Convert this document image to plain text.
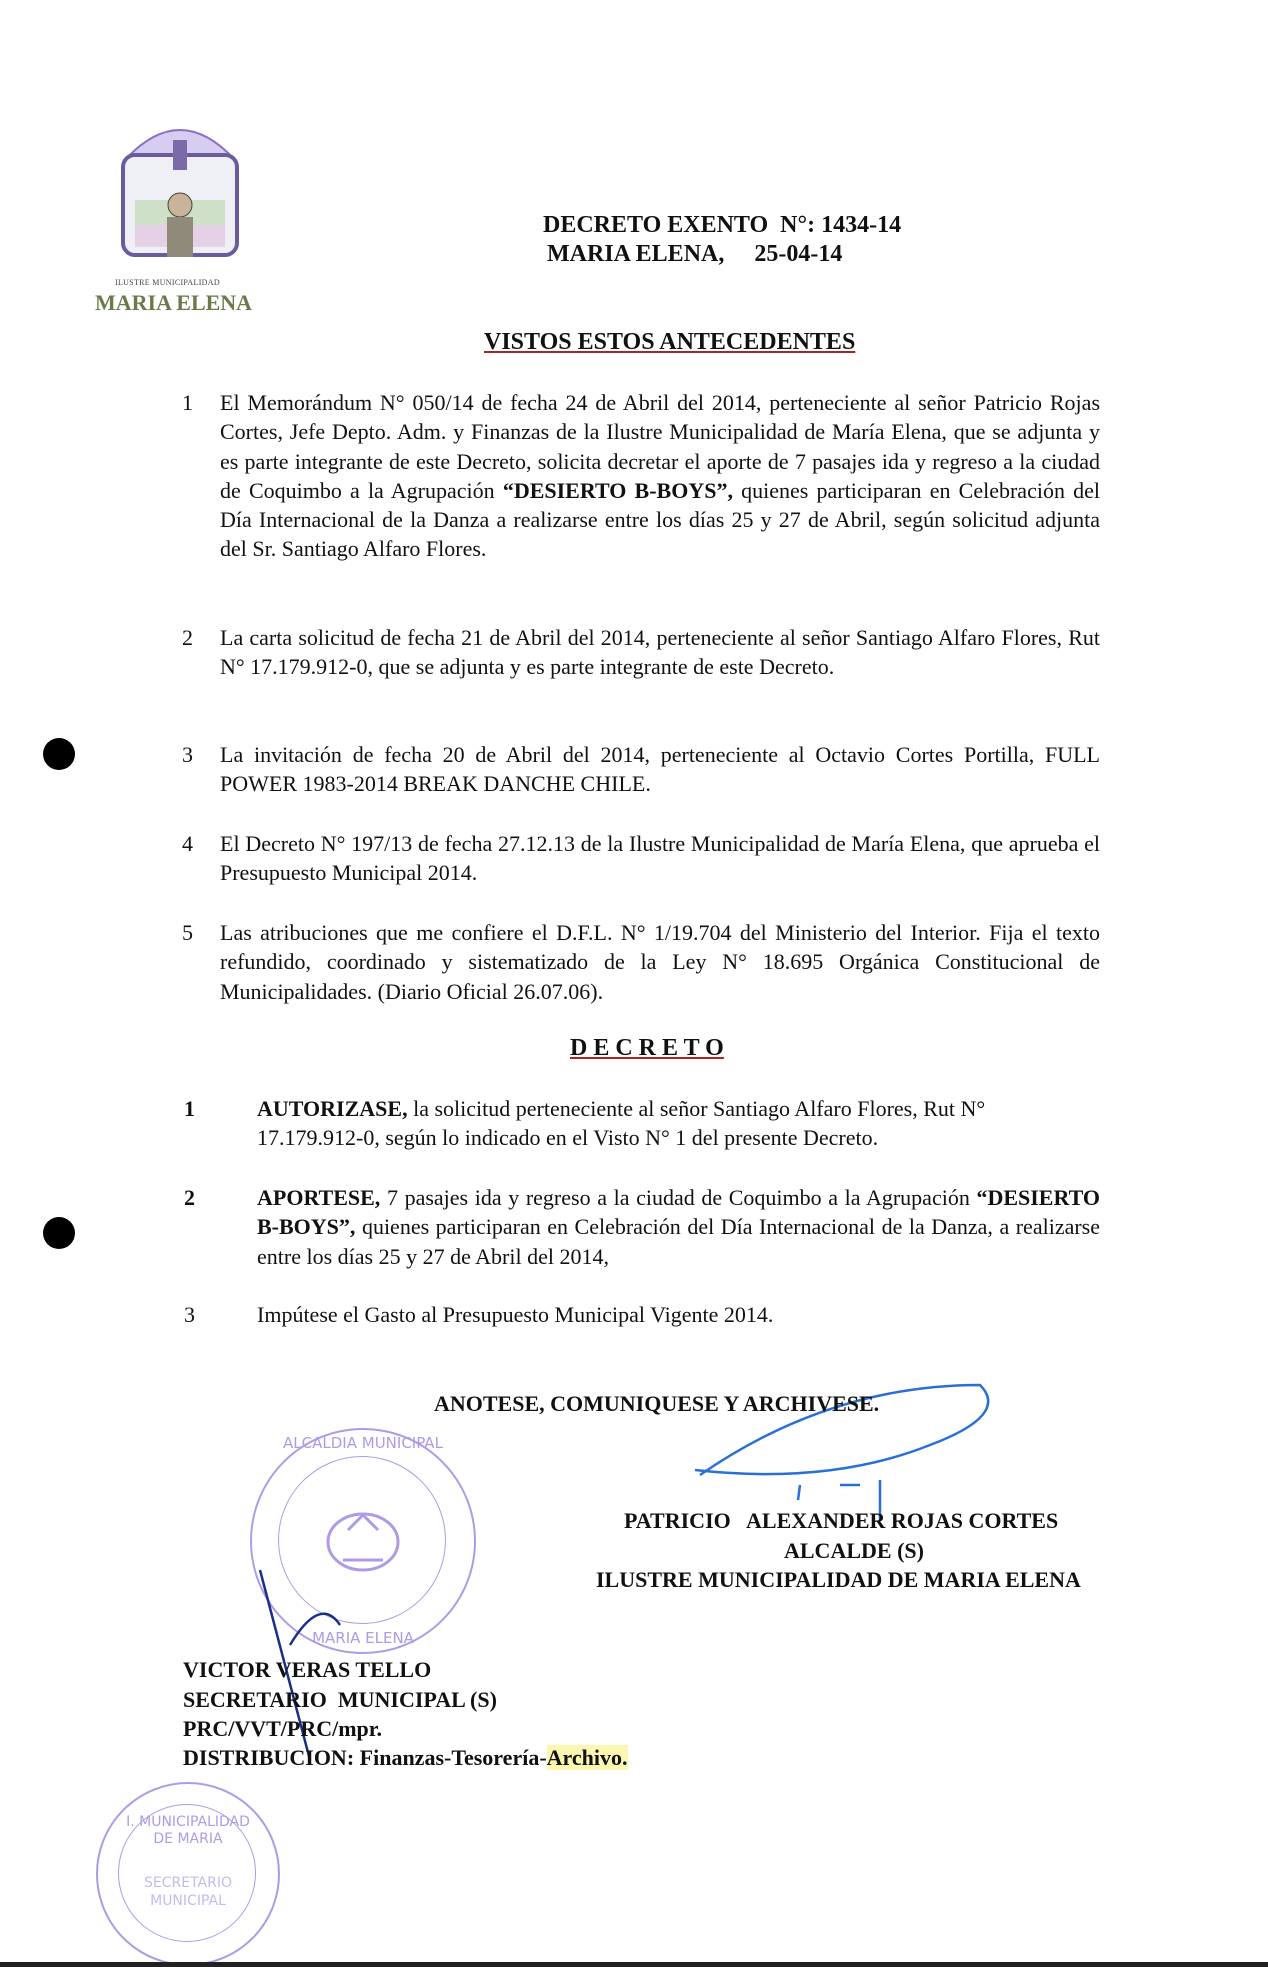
ILUSTRE MUNICIPALIDAD
MARIA ELENA
DECRETO EXENTO  N°: 1434-14
MARIA ELENA,     25-04-14
VISTOS ESTOS ANTECEDENTES
1 El Memorándum N° 050/14 de fecha 24 de Abril del 2014, perteneciente al señor Patricio Rojas Cortes, Jefe Depto. Adm. y Finanzas de la Ilustre Municipalidad de María Elena, que se adjunta y es parte integrante de este Decreto, solicita decretar el aporte de 7 pasajes ida y regreso a la ciudad de Coquimbo a la Agrupación “DESIERTO B-BOYS”, quienes participaran en Celebración del Día Internacional de la Danza a realizarse entre los días 25 y 27 de Abril, según solicitud adjunta del Sr. Santiago Alfaro Flores.
2 La carta solicitud de fecha 21 de Abril del 2014, perteneciente al señor Santiago Alfaro Flores, Rut N° 17.179.912-0, que se adjunta y es parte integrante de este Decreto.
3 La invitación de fecha 20 de Abril del 2014, perteneciente al Octavio Cortes Portilla, FULL POWER 1983-2014 BREAK DANCHE CHILE.
4 El Decreto N° 197/13 de fecha 27.12.13 de la Ilustre Municipalidad de María Elena, que aprueba el Presupuesto Municipal 2014.
5 Las atribuciones que me confiere el D.F.L. N° 1/19.704 del Ministerio del Interior. Fija el texto refundido, coordinado y sistematizado de la Ley N° 18.695 Orgánica Constitucional de Municipalidades. (Diario Oficial 26.07.06).
D E C R E T O
1	AUTORIZASE, la solicitud perteneciente al señor Santiago Alfaro Flores, Rut N° 17.179.912-0, según lo indicado en el Visto N° 1 del presente Decreto.
2	APORTESE, 7 pasajes ida y regreso a la ciudad de Coquimbo a la Agrupación “DESIERTO B-BOYS”, quienes participaran en Celebración del Día Internacional de la Danza, a realizarse entre los días 25 y 27 de Abril del 2014,
3	Impútese el Gasto al Presupuesto Municipal Vigente 2014.
ALCALDIA MUNICIPAL
MARIA ELENA
I. MUNICIPALIDAD DE MARIA
SECRETARIO MUNICIPAL
ANOTESE, COMUNIQUESE Y ARCHIVESE.
PATRICIO   ALEXANDER ROJAS CORTES
ALCALDE (S)
ILUSTRE MUNICIPALIDAD DE MARIA ELENA
VICTOR VERAS TELLO
SECRETARIO  MUNICIPAL (S)
PRC/VVT/PRC/mpr.
DISTRIBUCION: Finanzas-Tesorería-Archivo.
